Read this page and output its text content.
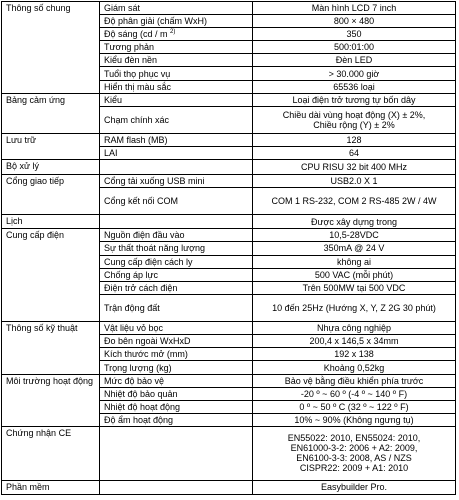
Thông số chung	Giám sát	Màn hình LCD 7 inch
	Độ phân giải (chấm WxH)	800 × 480
	Độ sáng (cd / m $^{2)}$	350
	Tương phản	500:01:00
	Kiểu đèn nền	Đèn LED
	Tuổi thọ phục vụ	> 30.000 giờ
	Hiển thị màu sắc	65536 loại
Bảng cảm ứng	Kiểu	Loại điện trở tương tự bốn dây
	Chạm chính xác	Chiều dài vùng hoạt động (X) ± 2%,
Chiều rộng (Y) ± 2%
Lưu trữ	RAM flash (MB)	128
	LAI	64
Bộ xử lý		CPU RISU 32 bit 400 MHz
Cổng giao tiếp	Cổng tải xuống USB mini	USB2.0 X 1
	Cổng kết nối COM	COM 1 RS-232, COM 2 RS-485 2W / 4W
Lịch		Được xây dựng trong
Cung cấp điện	Nguồn điện đầu vào	10,5-28VDC
	Sự thất thoát năng lượng	350mA @ 24 V
	Cung cấp điện cách ly	không ai
	Chống áp lực	500 VAC (mỗi phút)
	Điện trở cách điện	Trên 500MW tại 500 VDC
	Trận động đất	10 đến 25Hz (Hướng X, Y, Z 2G 30 phút)
Thông số kỹ thuật	Vật liệu vỏ bọc	Nhựa công nghiệp
	Đo bên ngoài WxHxD	200,4 x 146,5 x 34mm
	Kích thước mở (mm)	192 x 138
	Trọng lượng (kg)	Khoảng 0,52kg
Môi trường hoạt động	Mức độ bảo vệ	Bảo vệ bằng điều khiển phía trước
	Nhiệt độ bảo quản	-20 º ~ 60 º (-4 º ~ 140 º F)
	Nhiệt độ hoạt động	0 º ~ 50 º C (32 º ~ 122 º F)
	Độ ẩm hoạt động	10% ~ 90% (Không ngưng tụ)
Chứng nhận CE		EN55022: 2010, EN55024: 2010,
EN61000-3-2: 2006 + A2: 2009,
EN6100-3-3: 2008, AS / NZS
CISPR22: 2009 + A1: 2010
Phần mềm		Easybuilder Pro.
